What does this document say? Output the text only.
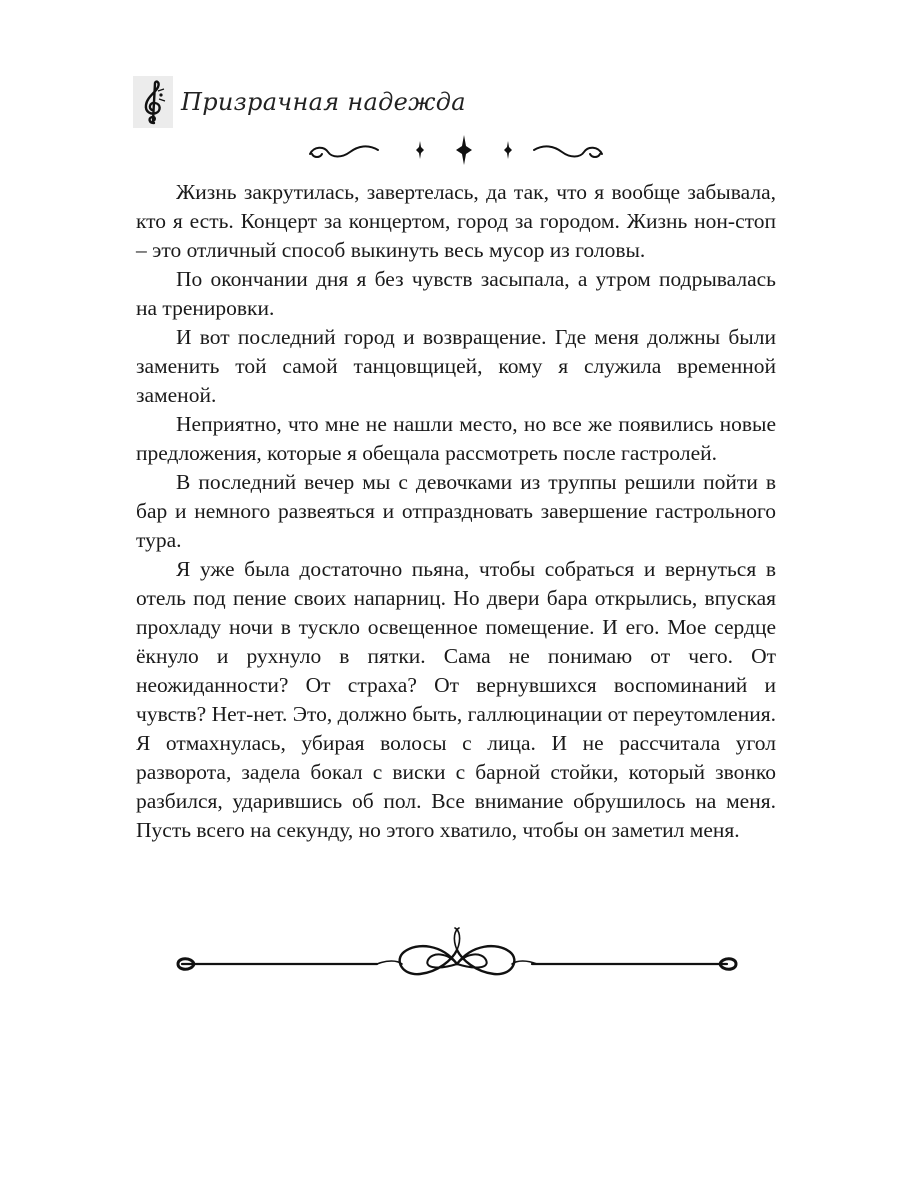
Призрачная надежда

Жизнь закрутилась, завертелась, да так, что я вообще забывала, кто я есть. Концерт за концертом, город за городом. Жизнь нон-стоп – это отличный способ выкинуть весь мусор из головы.

По окончании дня я без чувств засыпала, а утром подрывалась на тренировки.

И вот последний город и возвращение. Где меня должны были заменить той самой танцовщицей, кому я служила временной заменой.

Неприятно, что мне не нашли место, но все же появились новые предложения, которые я обещала рассмотреть после гастролей.

В последний вечер мы с девочками из труппы решили пойти в бар и немного развеяться и отпраздновать завершение гастрольного тура.

Я уже была достаточно пьяна, чтобы собраться и вернуться в отель под пение своих напарниц. Но двери бара открылись, впуская прохладу ночи в тускло освещенное помещение. И его. Мое сердце ёкнуло и рухнуло в пятки. Сама не понимаю от чего. От неожиданности? От страха? От вернувшихся воспоминаний и чувств? Нет-нет. Это, должно быть, галлюцинации от переутомления. Я отмахнулась, убирая волосы с лица. И не рассчитала угол разворота, задела бокал с виски с барной стойки, который звонко разбился, ударившись об пол. Все внимание обрушилось на меня. Пусть всего на секунду, но этого хватило, чтобы он заметил меня.
